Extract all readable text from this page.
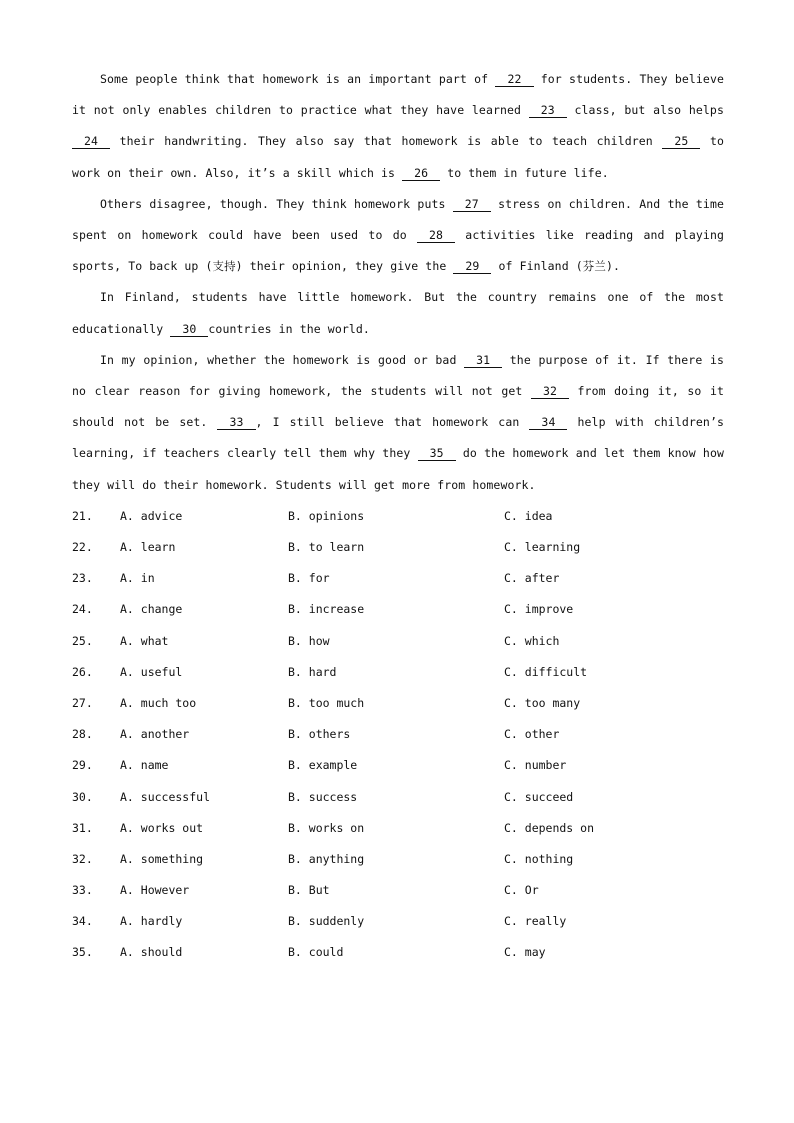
Some people think that homework is an important part of 22 for students. They believe it not only enables children to practice what they have learned 23 class, but also helps 24 their handwriting. They also say that homework is able to teach children 25 to work on their own. Also, it’s a skill which is 26 to them in future life.

Others disagree, though. They think homework puts 27 stress on children. And the time spent on homework could have been used to do 28 activities like reading and playing sports, To back up (支持) their opinion, they give the 29 of Finland (芬兰).

In Finland, students have little homework. But the country remains one of the most educationally 30 countries in the world.

In my opinion, whether the homework is good or bad 31 the purpose of it. If there is no clear reason for giving homework, the students will not get 32 from doing it, so it should not be set. 33 , I still believe that homework can 34 help with children’s learning, if teachers clearly tell them why they 35 do the homework and let them know how they will do their homework. Students will get more from homework.

21.	A. advice	B. opinions	C. idea
22.	A. learn	B. to learn	C. learning
23.	A. in	B. for	C. after
24.	A. change	B. increase	C. improve
25.	A. what	B. how	C. which
26.	A. useful	B. hard	C. difficult
27.	A. much too	B. too much	C. too many
28.	A. another	B. others	C. other
29.	A. name	B. example	C. number
30.	A. successful	B. success	C. succeed
31.	A. works out	B. works on	C. depends on
32.	A. something	B. anything	C. nothing
33.	A. However	B. But	C. Or
34.	A. hardly	B. suddenly	C. really
35.	A. should	B. could	C. may
